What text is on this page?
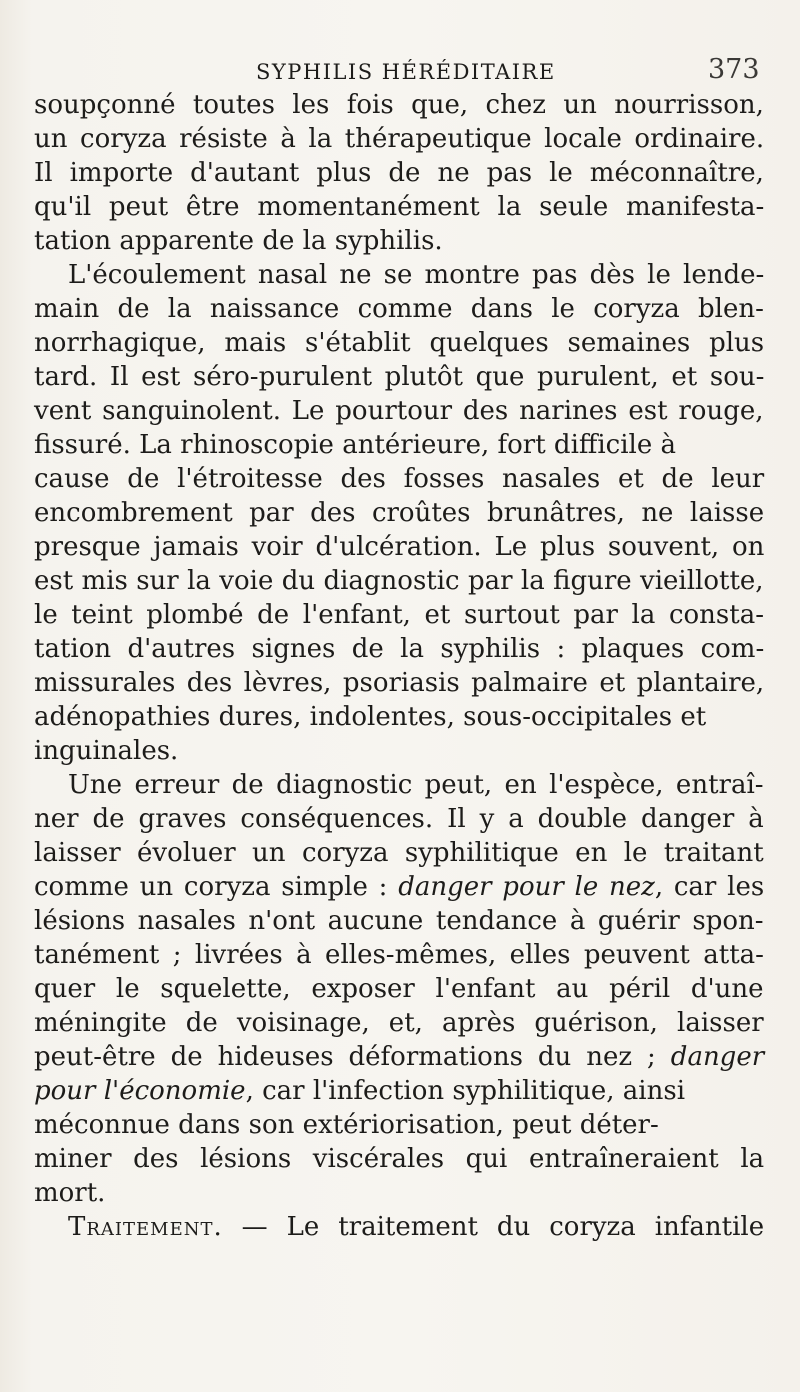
SYPHILIS HÉRÉDITAIRE	373
soupçonné toutes les fois que, chez un nourrisson,
un coryza résiste à la thérapeutique locale ordinaire.
Il importe d'autant plus de ne pas le méconnaître,
qu'il peut être momentanément la seule manifesta-
tation apparente de la syphilis.
L'écoulement nasal ne se montre pas dès le lende-
main de la naissance comme dans le coryza blen-
norrhagique, mais s'établit quelques semaines plus
tard. Il est séro-purulent plutôt que purulent, et sou-
vent sanguinolent. Le pourtour des narines est rouge,
fissuré. La rhinoscopie antérieure, fort difficile à
cause de l'étroitesse des fosses nasales et de leur
encombrement par des croûtes brunâtres, ne laisse
presque jamais voir d'ulcération. Le plus souvent, on
est mis sur la voie du diagnostic par la figure vieillotte,
le teint plombé de l'enfant, et surtout par la consta-
tation d'autres signes de la syphilis : plaques com-
missurales des lèvres, psoriasis palmaire et plantaire,
adénopathies dures, indolentes, sous-occipitales et
inguinales.
Une erreur de diagnostic peut, en l'espèce, entraî-
ner de graves conséquences. Il y a double danger à
laisser évoluer un coryza syphilitique en le traitant
comme un coryza simple : danger pour le nez, car les
lésions nasales n'ont aucune tendance à guérir spon-
tanément ; livrées à elles-mêmes, elles peuvent atta-
quer le squelette, exposer l'enfant au péril d'une
méningite de voisinage, et, après guérison, laisser
peut-être de hideuses déformations du nez ; danger
pour l'économie, car l'infection syphilitique, ainsi
méconnue dans son extériorisation, peut déter-
miner des lésions viscérales qui entraîneraient la
mort.
Traitement. — Le traitement du coryza infantile
